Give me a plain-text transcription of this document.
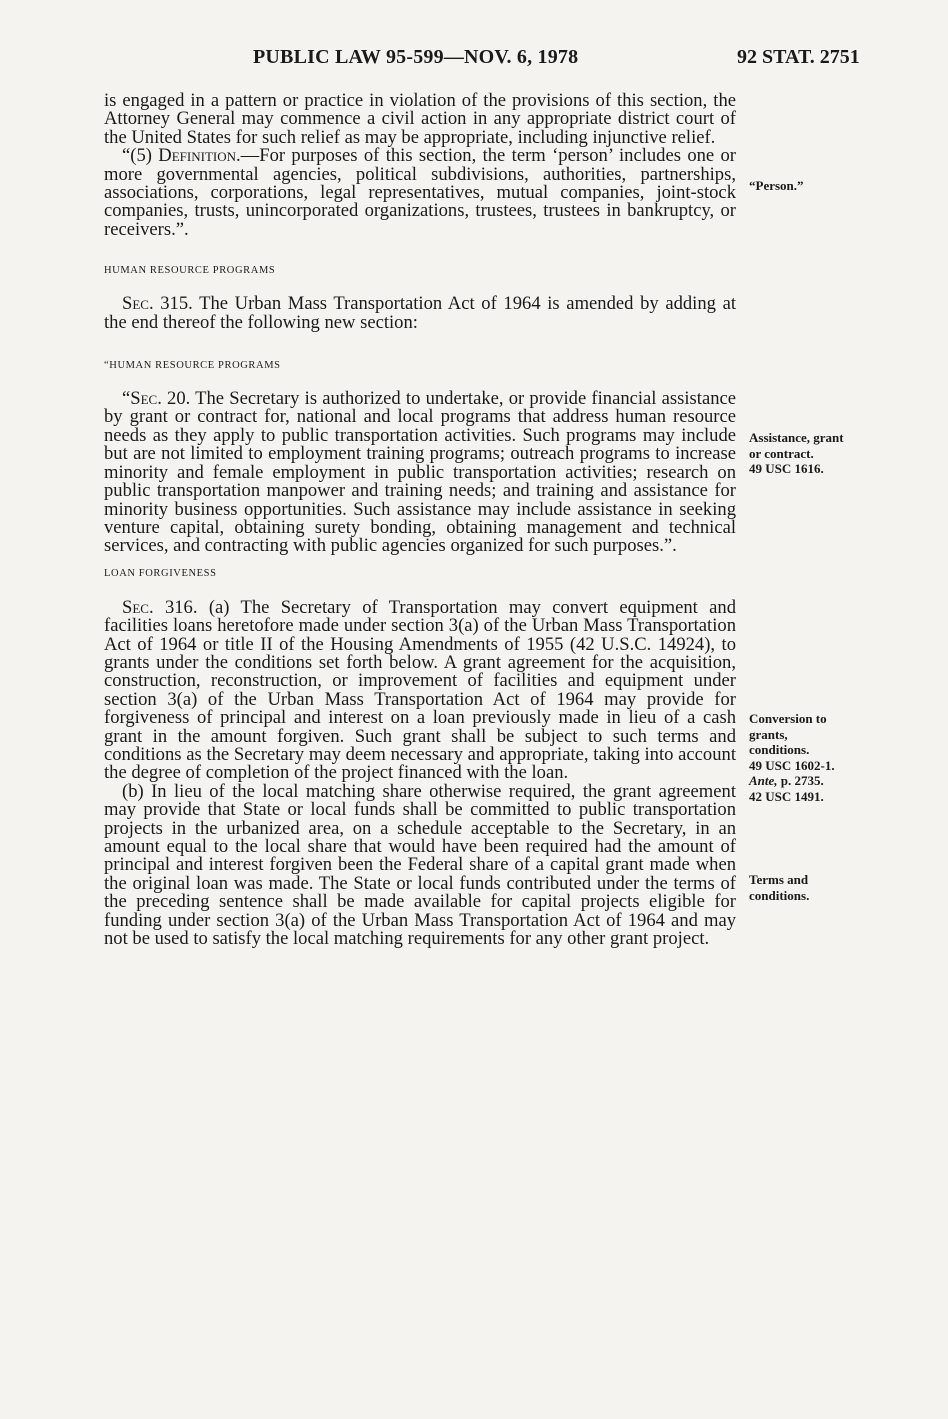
PUBLIC LAW 95-599—NOV. 6, 1978	92 STAT. 2751

is engaged in a pattern or practice in violation of the provisions of this section, the Attorney General may commence a civil action in any appropriate district court of the United States for such relief as may be appropriate, including injunctive relief.

“(5) Definition.—For purposes of this section, the term ‘person’ includes one or more governmental agencies, political subdivisions, authorities, partnerships, associations, corporations, legal representatives, mutual companies, joint-stock companies, trusts, unincorporated organizations, trustees, trustees in bankruptcy, or receivers.”.

HUMAN RESOURCE PROGRAMS

Sec. 315. The Urban Mass Transportation Act of 1964 is amended by adding at the end thereof the following new section:

“HUMAN RESOURCE PROGRAMS

“Sec. 20. The Secretary is authorized to undertake, or provide financial assistance by grant or contract for, national and local programs that address human resource needs as they apply to public transportation activities. Such programs may include but are not limited to employment training programs; outreach programs to increase minority and female employment in public transportation activities; research on public transportation manpower and training needs; and training and assistance for minority business opportunities. Such assistance may include assistance in seeking venture capital, obtaining surety bonding, obtaining management and technical services, and contracting with public agencies organized for such purposes.”.

LOAN FORGIVENESS

Sec. 316. (a) The Secretary of Transportation may convert equipment and facilities loans heretofore made under section 3(a) of the Urban Mass Transportation Act of 1964 or title II of the Housing Amendments of 1955 (42 U.S.C. 14924), to grants under the conditions set forth below. A grant agreement for the acquisition, construction, reconstruction, or improvement of facilities and equipment under section 3(a) of the Urban Mass Transportation Act of 1964 may provide for forgiveness of principal and interest on a loan previously made in lieu of a cash grant in the amount forgiven. Such grant shall be subject to such terms and conditions as the Secretary may deem necessary and appropriate, taking into account the degree of completion of the project financed with the loan.

(b) In lieu of the local matching share otherwise required, the grant agreement may provide that State or local funds shall be committed to public transportation projects in the urbanized area, on a schedule acceptable to the Secretary, in an amount equal to the local share that would have been required had the amount of principal and interest forgiven been the Federal share of a capital grant made when the original loan was made. The State or local funds contributed under the terms of the preceding sentence shall be made available for capital projects eligible for funding under section 3(a) of the Urban Mass Transportation Act of 1964 and may not be used to satisfy the local matching requirements for any other grant project.

“Person.”
Assistance, grant
or contract.
49 USC 1616.
Conversion to
grants,
conditions.
49 USC 1602-1.
Ante, p. 2735.
42 USC 1491.
Terms and
conditions.
